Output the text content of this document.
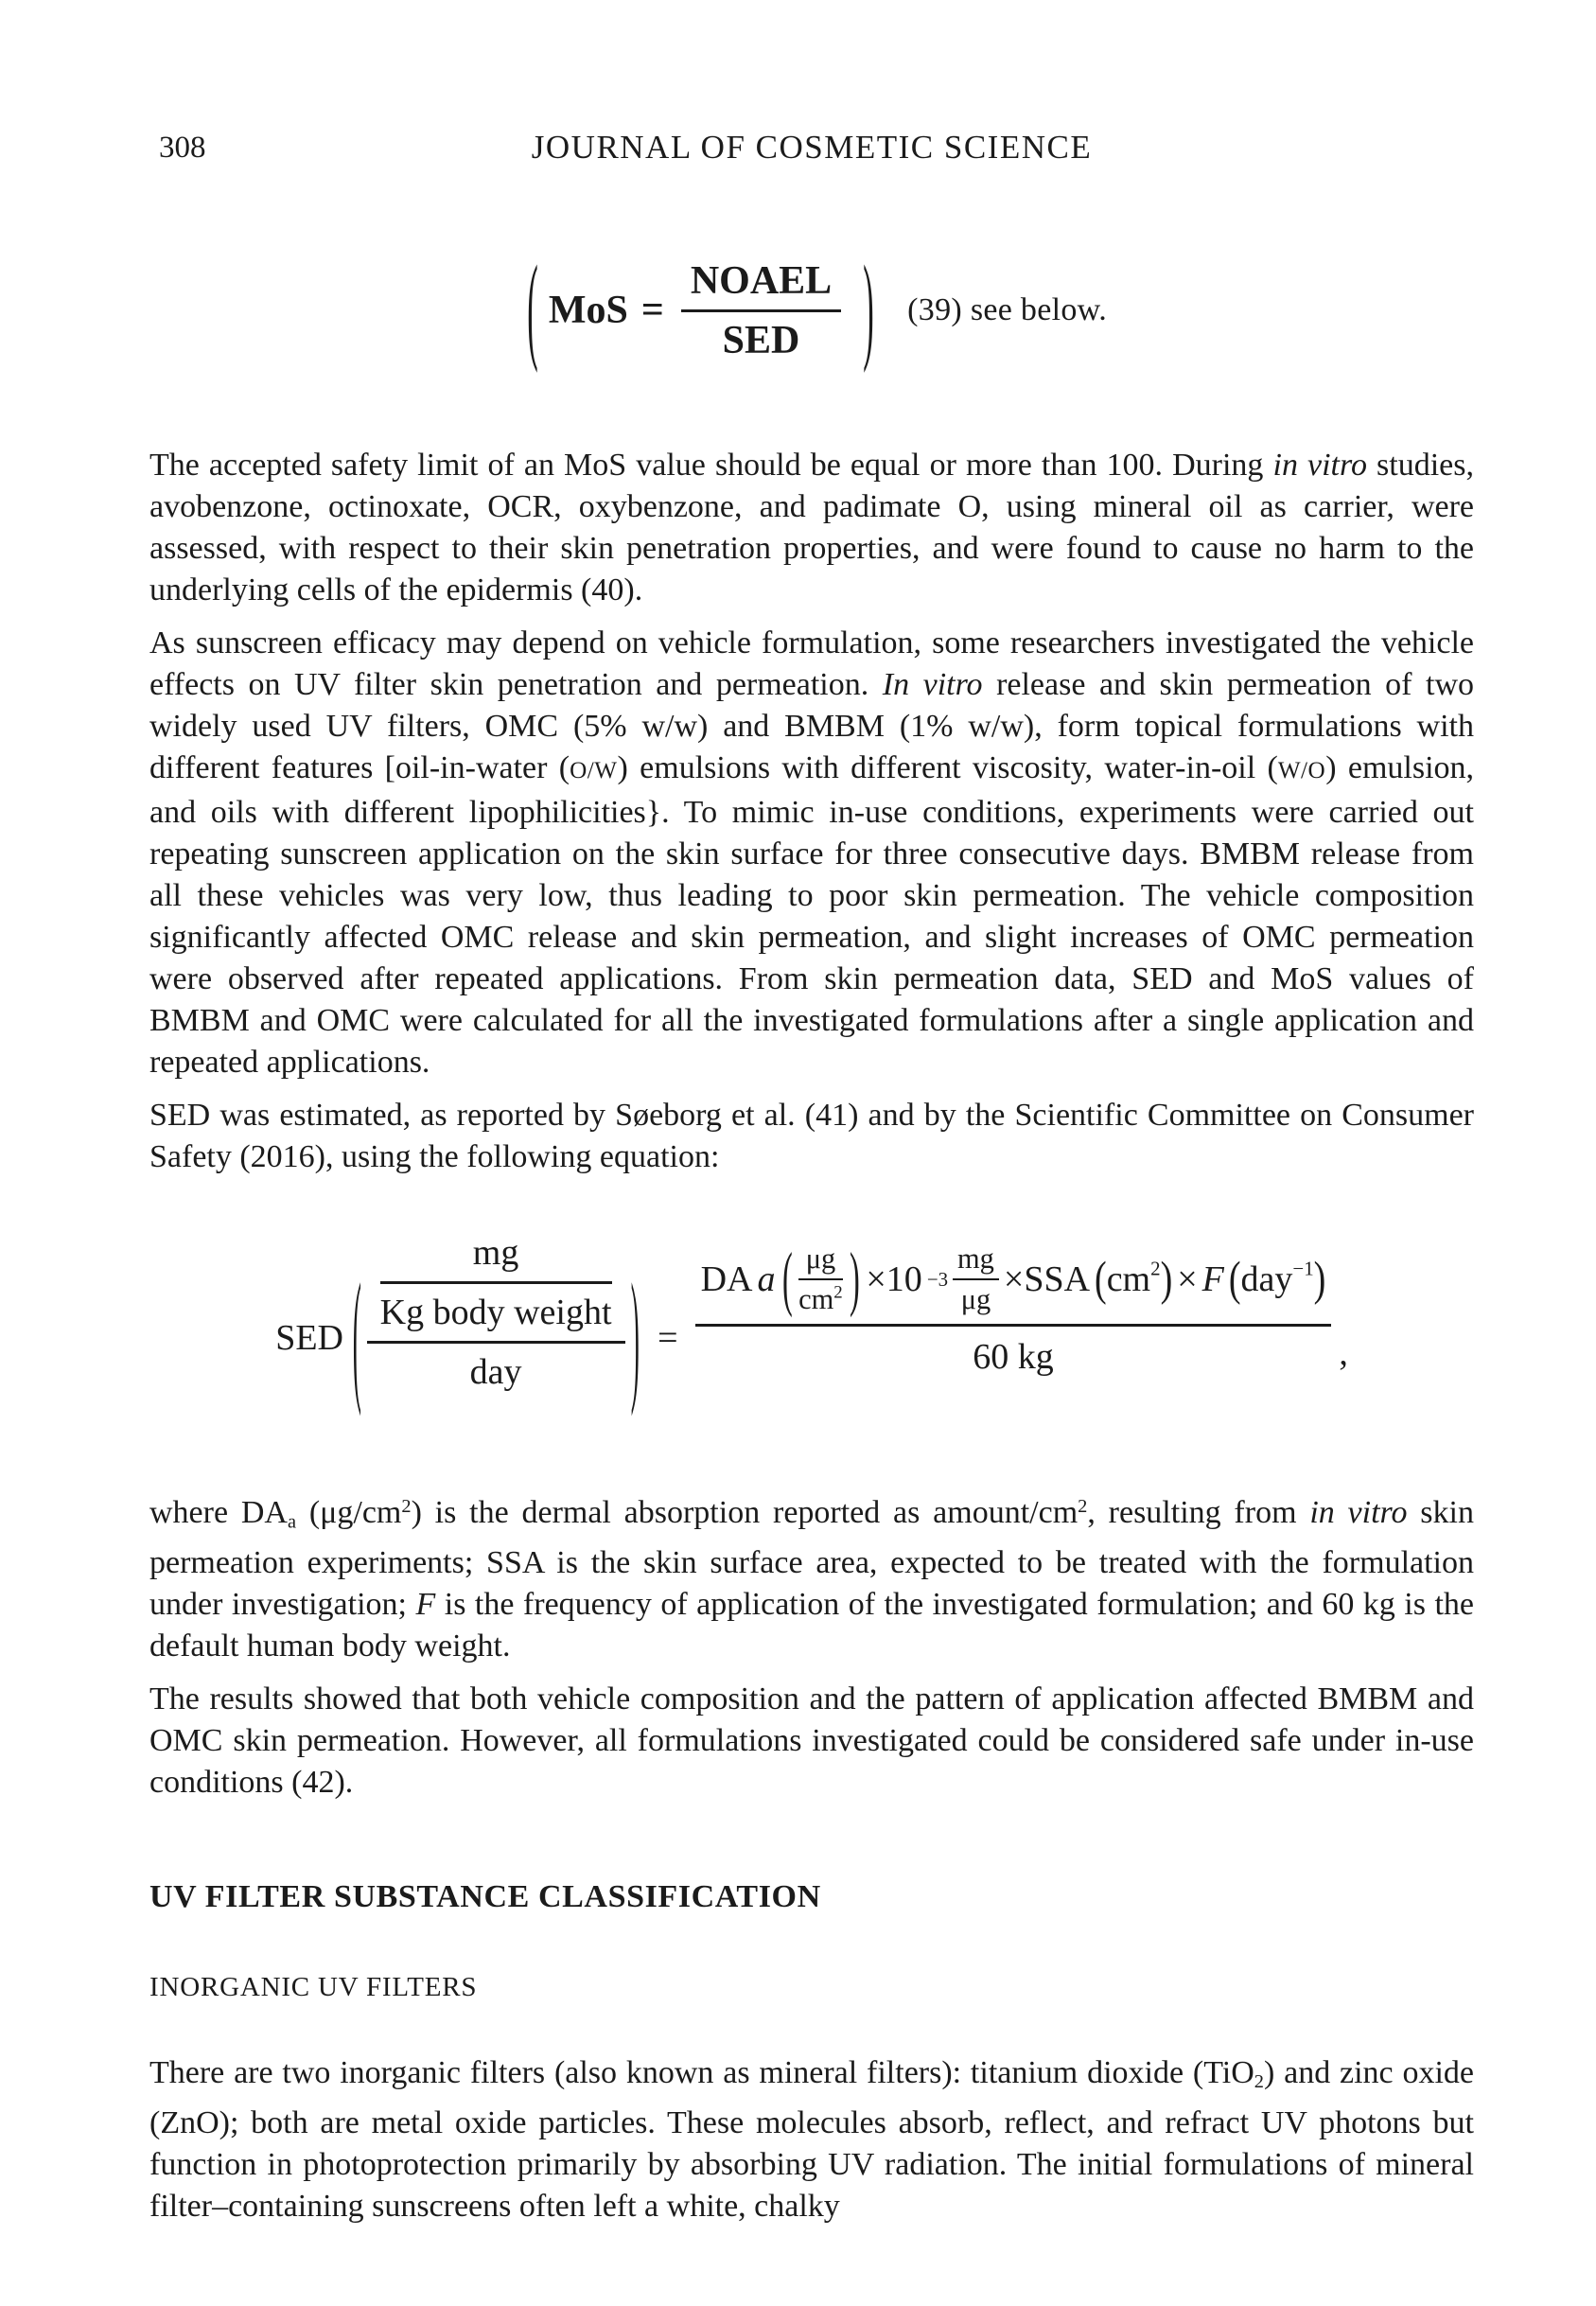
308	JOURNAL OF COSMETIC SCIENCE
( MoS = $\frac{\text{NOAEL}}{\text{SED}}$ ) (39) see below.

The accepted safety limit of an MoS value should be equal or more than 100. During in vitro studies, avobenzone, octinoxate, OCR, oxybenzone, and padimate O, using mineral oil as carrier, were assessed, with respect to their skin penetration properties, and were found to cause no harm to the underlying cells of the epidermis (40).

As sunscreen efficacy may depend on vehicle formulation, some researchers investigated the vehicle effects on UV filter skin penetration and permeation. In vitro release and skin permeation of two widely used UV filters, OMC (5% w/w) and BMBM (1% w/w), form topical formulations with different features [oil-in-water (O/W) emulsions with different viscosity, water-in-oil (W/O) emulsion, and oils with different lipophilicities}. To mimic in-use conditions, experiments were carried out repeating sunscreen application on the skin surface for three consecutive days. BMBM release from all these vehicles was very low, thus leading to poor skin permeation. The vehicle composition significantly affected OMC release and skin permeation, and slight increases of OMC permeation were observed after repeated applications. From skin permeation data, SED and MoS values of BMBM and OMC were calculated for all the investigated formulations after a single application and repeated applications.

SED was estimated, as reported by Søeborg et al. (41) and by the Scientific Committee on Consumer Safety (2016), using the following equation:

SED ( $\frac{\frac{mg}{\text{Kg body weight}}}{\text{day}}$ ) =
DA a ( $\frac{\mu g}{cm^2}$ ) $\times 10 -3 \frac{mg}{\mu g} \times SSA$ $(cm^2) \times F$ (day$^{-1}$)
60 kg	,

where DAa $(\mu g/cm^2)$ is the dermal absorption reported as amount/$cm^2$, resulting from in vitro skin permeation experiments; SSA is the skin surface area, expected to be treated with the formulation under investigation; F is the frequency of application of the investigated formulation; and 60 kg is the default human body weight.

The results showed that both vehicle composition and the pattern of application affected BMBM and OMC skin permeation. However, all formulations investigated could be considered safe under in-use conditions (42).

UV FILTER SUBSTANCE CLASSIFICATION
INORGANIC UV FILTERS

There are two inorganic filters (also known as mineral filters): titanium dioxide (TiO2) and zinc oxide (ZnO); both are metal oxide particles. These molecules absorb, reflect, and refract UV photons but function in photoprotection primarily by absorbing UV radiation. The initial formulations of mineral filter–containing sunscreens often left a white, chalky
